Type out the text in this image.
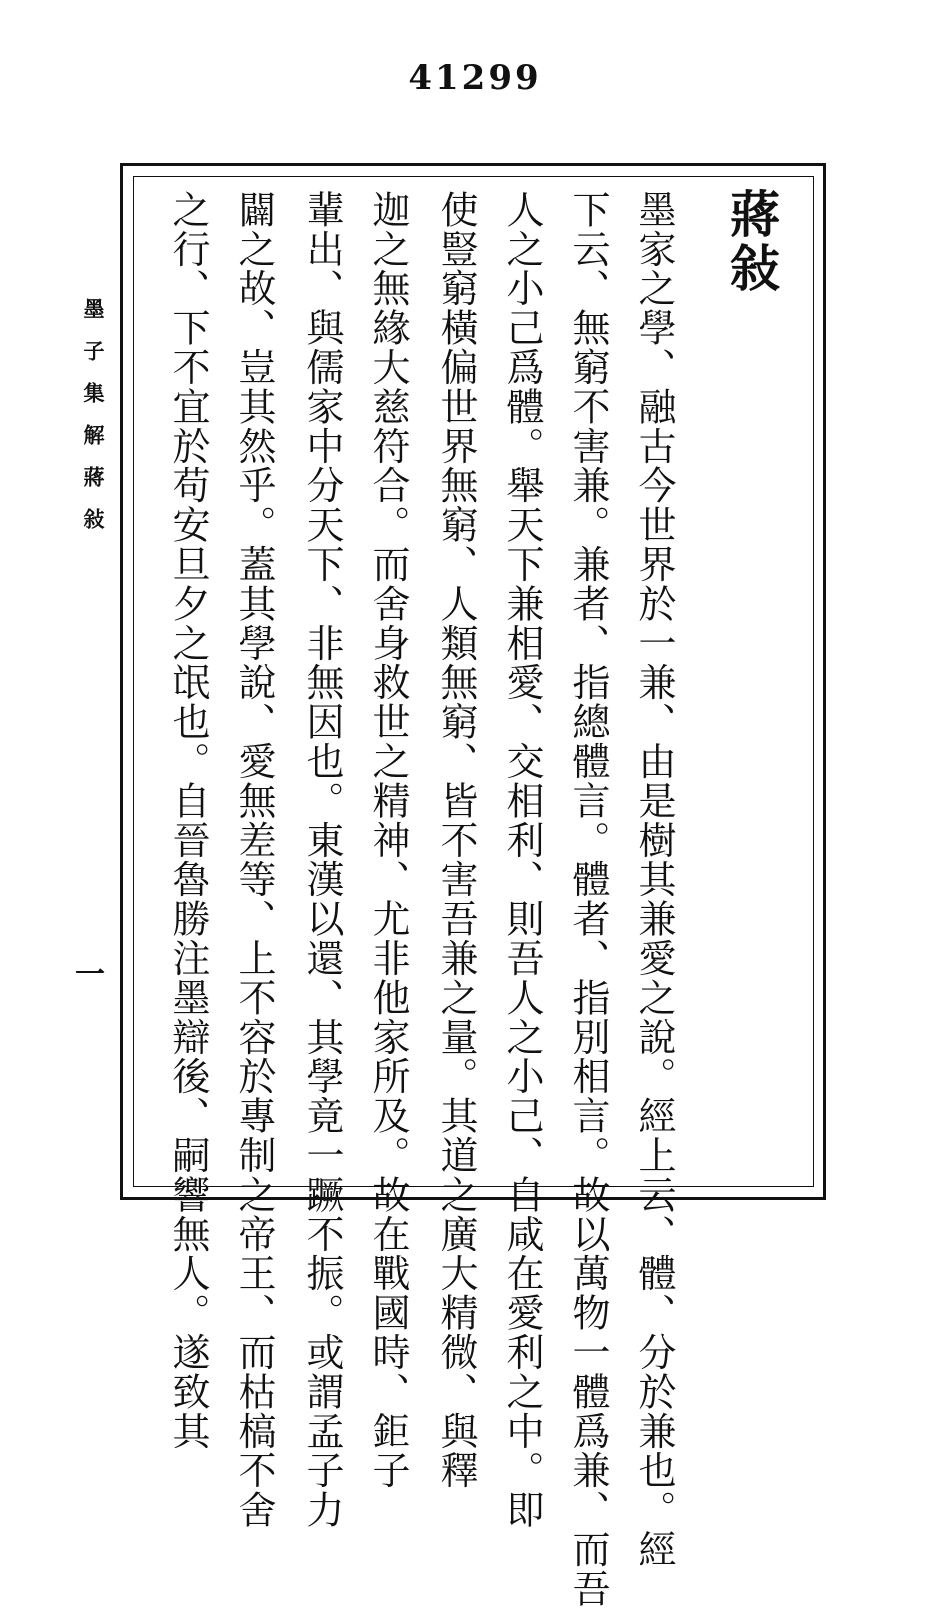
41299
蔣敍
墨家之學、融古今世界於一兼、由是樹其兼愛之說。經上云、體、分於兼也。經
下云、無窮不害兼。兼者、指總體言。體者、指別相言。故以萬物一體爲兼、而吾
人之小己爲體。舉天下兼相愛、交相利、則吾人之小己、自咸在愛利之中。即
使豎窮橫偏世界無窮、人類無窮、皆不害吾兼之量。其道之廣大精微、與釋
迦之無緣大慈符合。而舍身救世之精神、尤非他家所及。故在戰國時、鉅子
輩出、與儒家中分天下、非無因也。東漢以還、其學竟一蹶不振。或謂孟子力
闢之故、豈其然乎。蓋其學說、愛無差等、上不容於專制之帝王、而枯槁不舍
之行、下不宜於苟安旦夕之氓也。自晉魯勝注墨辯後、嗣響無人。遂致其
墨子集解蔣敍
一
